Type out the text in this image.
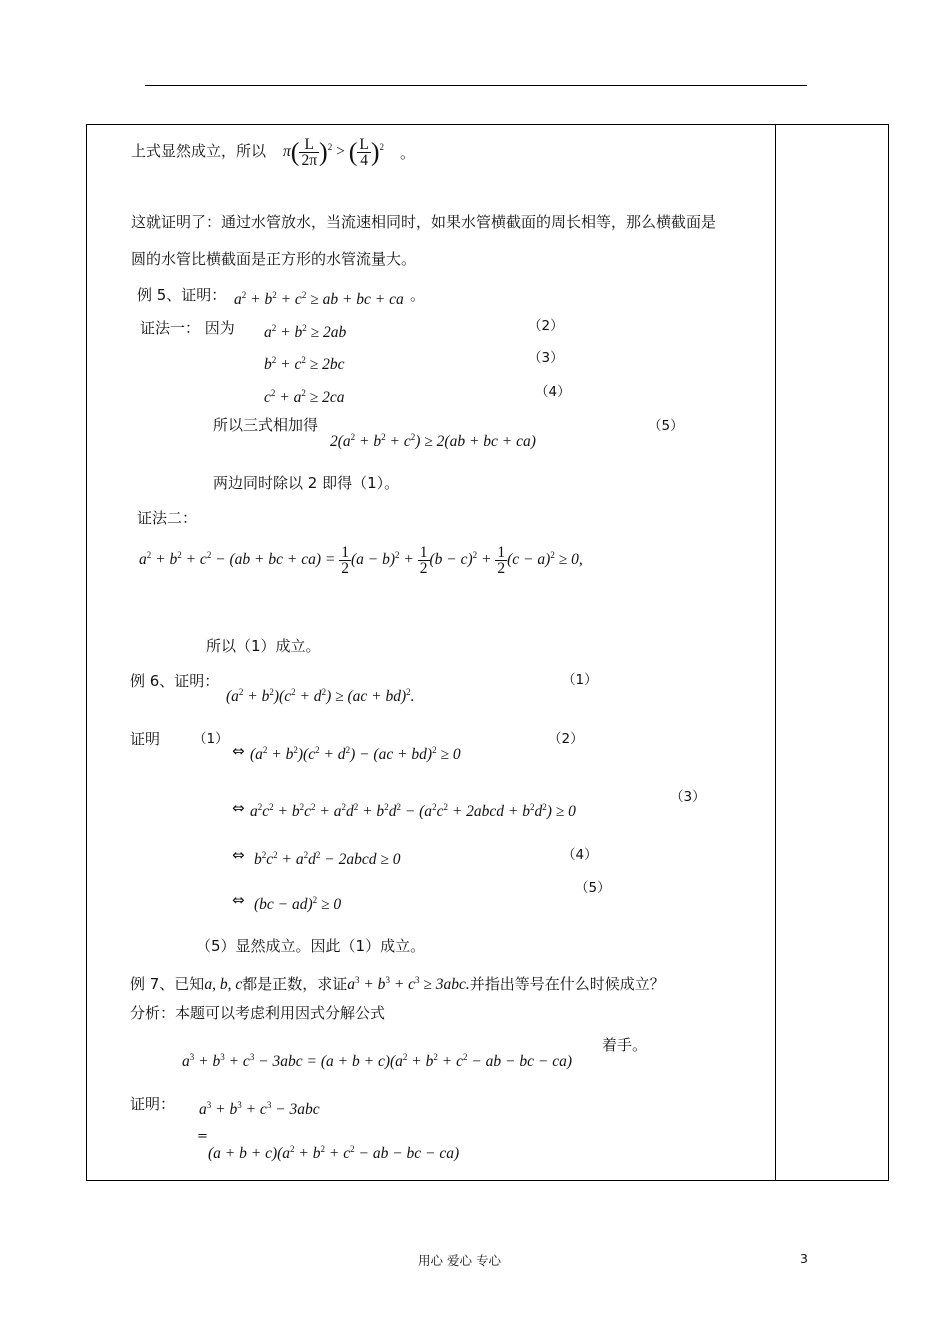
上式显然成立，所以 $\pi( \frac{L}{2\pi} )^2$ > ( $\frac{L}{4} )^2$ 。
这就证明了：通过水管放水，当流速相同时，如果水管横截面的周长相等，那么横截面是
圆的水管比横截面是正方形的水管流量大。
例 5、证明： $a^2 + b^2 + c^2$ ≥ ab + bc + ca 。
证法一： 因为 $a^2 + b^2 \ge 2ab$	（2）
$b^2 + c^2 \ge 2bc$	（3）
$c^2 + a^2 \ge 2ca$	（4）
所以三式相加得
$2(a^2 + b^2 + c^2) \ge 2(ab$ + bc + ca)
（5）
两边同时除以 2 即得（1）。
证法二：
$a^2 + b^2 + c^2 - (ab$ + bc + $ca) = \frac{1}{2} (a - b)^2 + \frac{1}{2} (b - c)^2 + \frac{1}{2} (c - a)^2 \ge 0$,
所以（1）成立。
例 6、证明：
$(a^2 + b^2)(c^2 + d^2) \ge (ac + bd)^2$.
（1）
证明 （1）
⇔ $(a^2 + b^2)(c^2 + d^2) - (ac + bd)^2 \ge 0$
（2）
⇔ $a^2c^2 + b^2c^2 + a^2d^2 + b^2d^2 - (a^2c^2$ + 2abcd + $b^2d^2) \ge 0$
（3）
⇔ $b^2c^2 + a^2d^2$ − 2abcd ≥ 0	（4）
⇔ (bc − ad)$^2$ ≥ 0
（5）
（5）显然成立。因此（1）成立。
例 7、已知a, b, c都是正数，求证$a^3 + b^3 + c^3 \ge 3abc$.并指出等号在什么时候成立？
分析：本题可以考虑利用因式分解公式
$a^3 + b^3 + c^3 - 3abc = (a + b + c)(a^2 + b^2 + c^2$ − ab − bc − ca)
着手。
证明： $a^3 + b^3 + c^3 - 3abc$
=
$(a + b + c)(a^2 + b^2 + c^2$ − ab − bc − ca)
用心 爱心 专心	3
